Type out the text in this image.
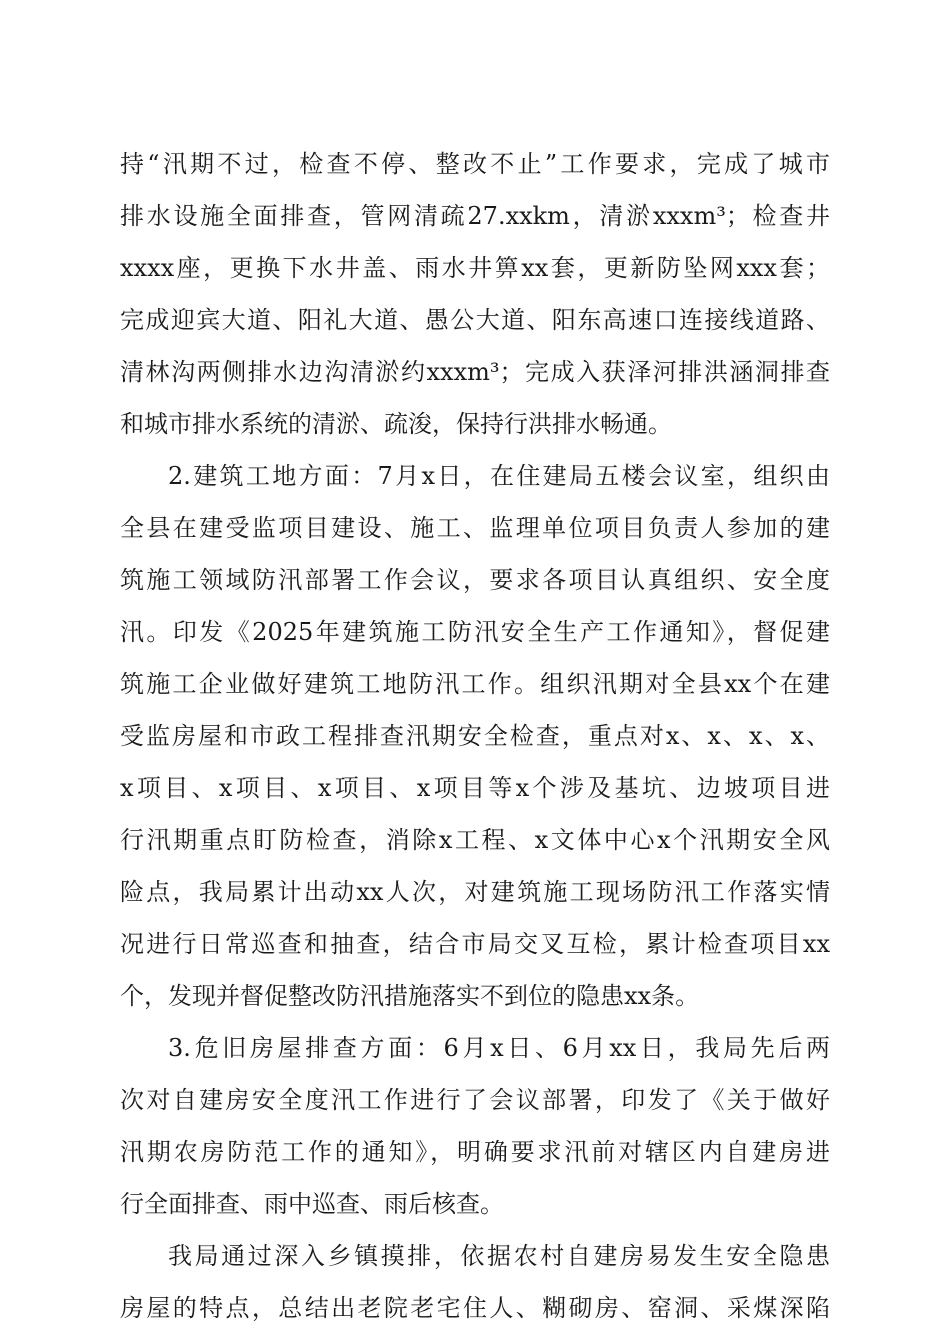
持“汛期不过，检查不停、整改不止”工作要求，完成了城市
排水设施全面排查，管网清疏27.xxkm，清淤xxxm³；检查井
xxxx座，更换下水井盖、雨水井箅xx套，更新防坠网xxx套；
完成迎宾大道、阳礼大道、愚公大道、阳东高速口连接线道路、
清林沟两侧排水边沟清淤约xxxm³；完成入获泽河排洪涵洞排查
和城市排水系统的清淤、疏浚，保持行洪排水畅通。
2.建筑工地方面：7月x日，在住建局五楼会议室，组织由
全县在建受监项目建设、施工、监理单位项目负责人参加的建
筑施工领域防汛部署工作会议，要求各项目认真组织、安全度
汛。印发《2025年建筑施工防汛安全生产工作通知》，督促建
筑施工企业做好建筑工地防汛工作。组织汛期对全县xx个在建
受监房屋和市政工程排查汛期安全检查，重点对x、x、x、x、
x项目、x项目、x项目、x项目等x个涉及基坑、边坡项目进
行汛期重点盯防检查，消除x工程、x文体中心x个汛期安全风
险点，我局累计出动xx人次，对建筑施工现场防汛工作落实情
况进行日常巡查和抽查，结合市局交叉互检，累计检查项目xx
个，发现并督促整改防汛措施落实不到位的隐患xx条。
3.危旧房屋排查方面：6月x日、6月xx日，我局先后两
次对自建房安全度汛工作进行了会议部署，印发了《关于做好
汛期农房防范工作的通知》，明确要求汛前对辖区内自建房进
行全面排查、雨中巡查、雨后核查。
我局通过深入乡镇摸排，依据农村自建房易发生安全隐患
房屋的特点，总结出老院老宅住人、糊砌房、窑洞、采煤深陷
